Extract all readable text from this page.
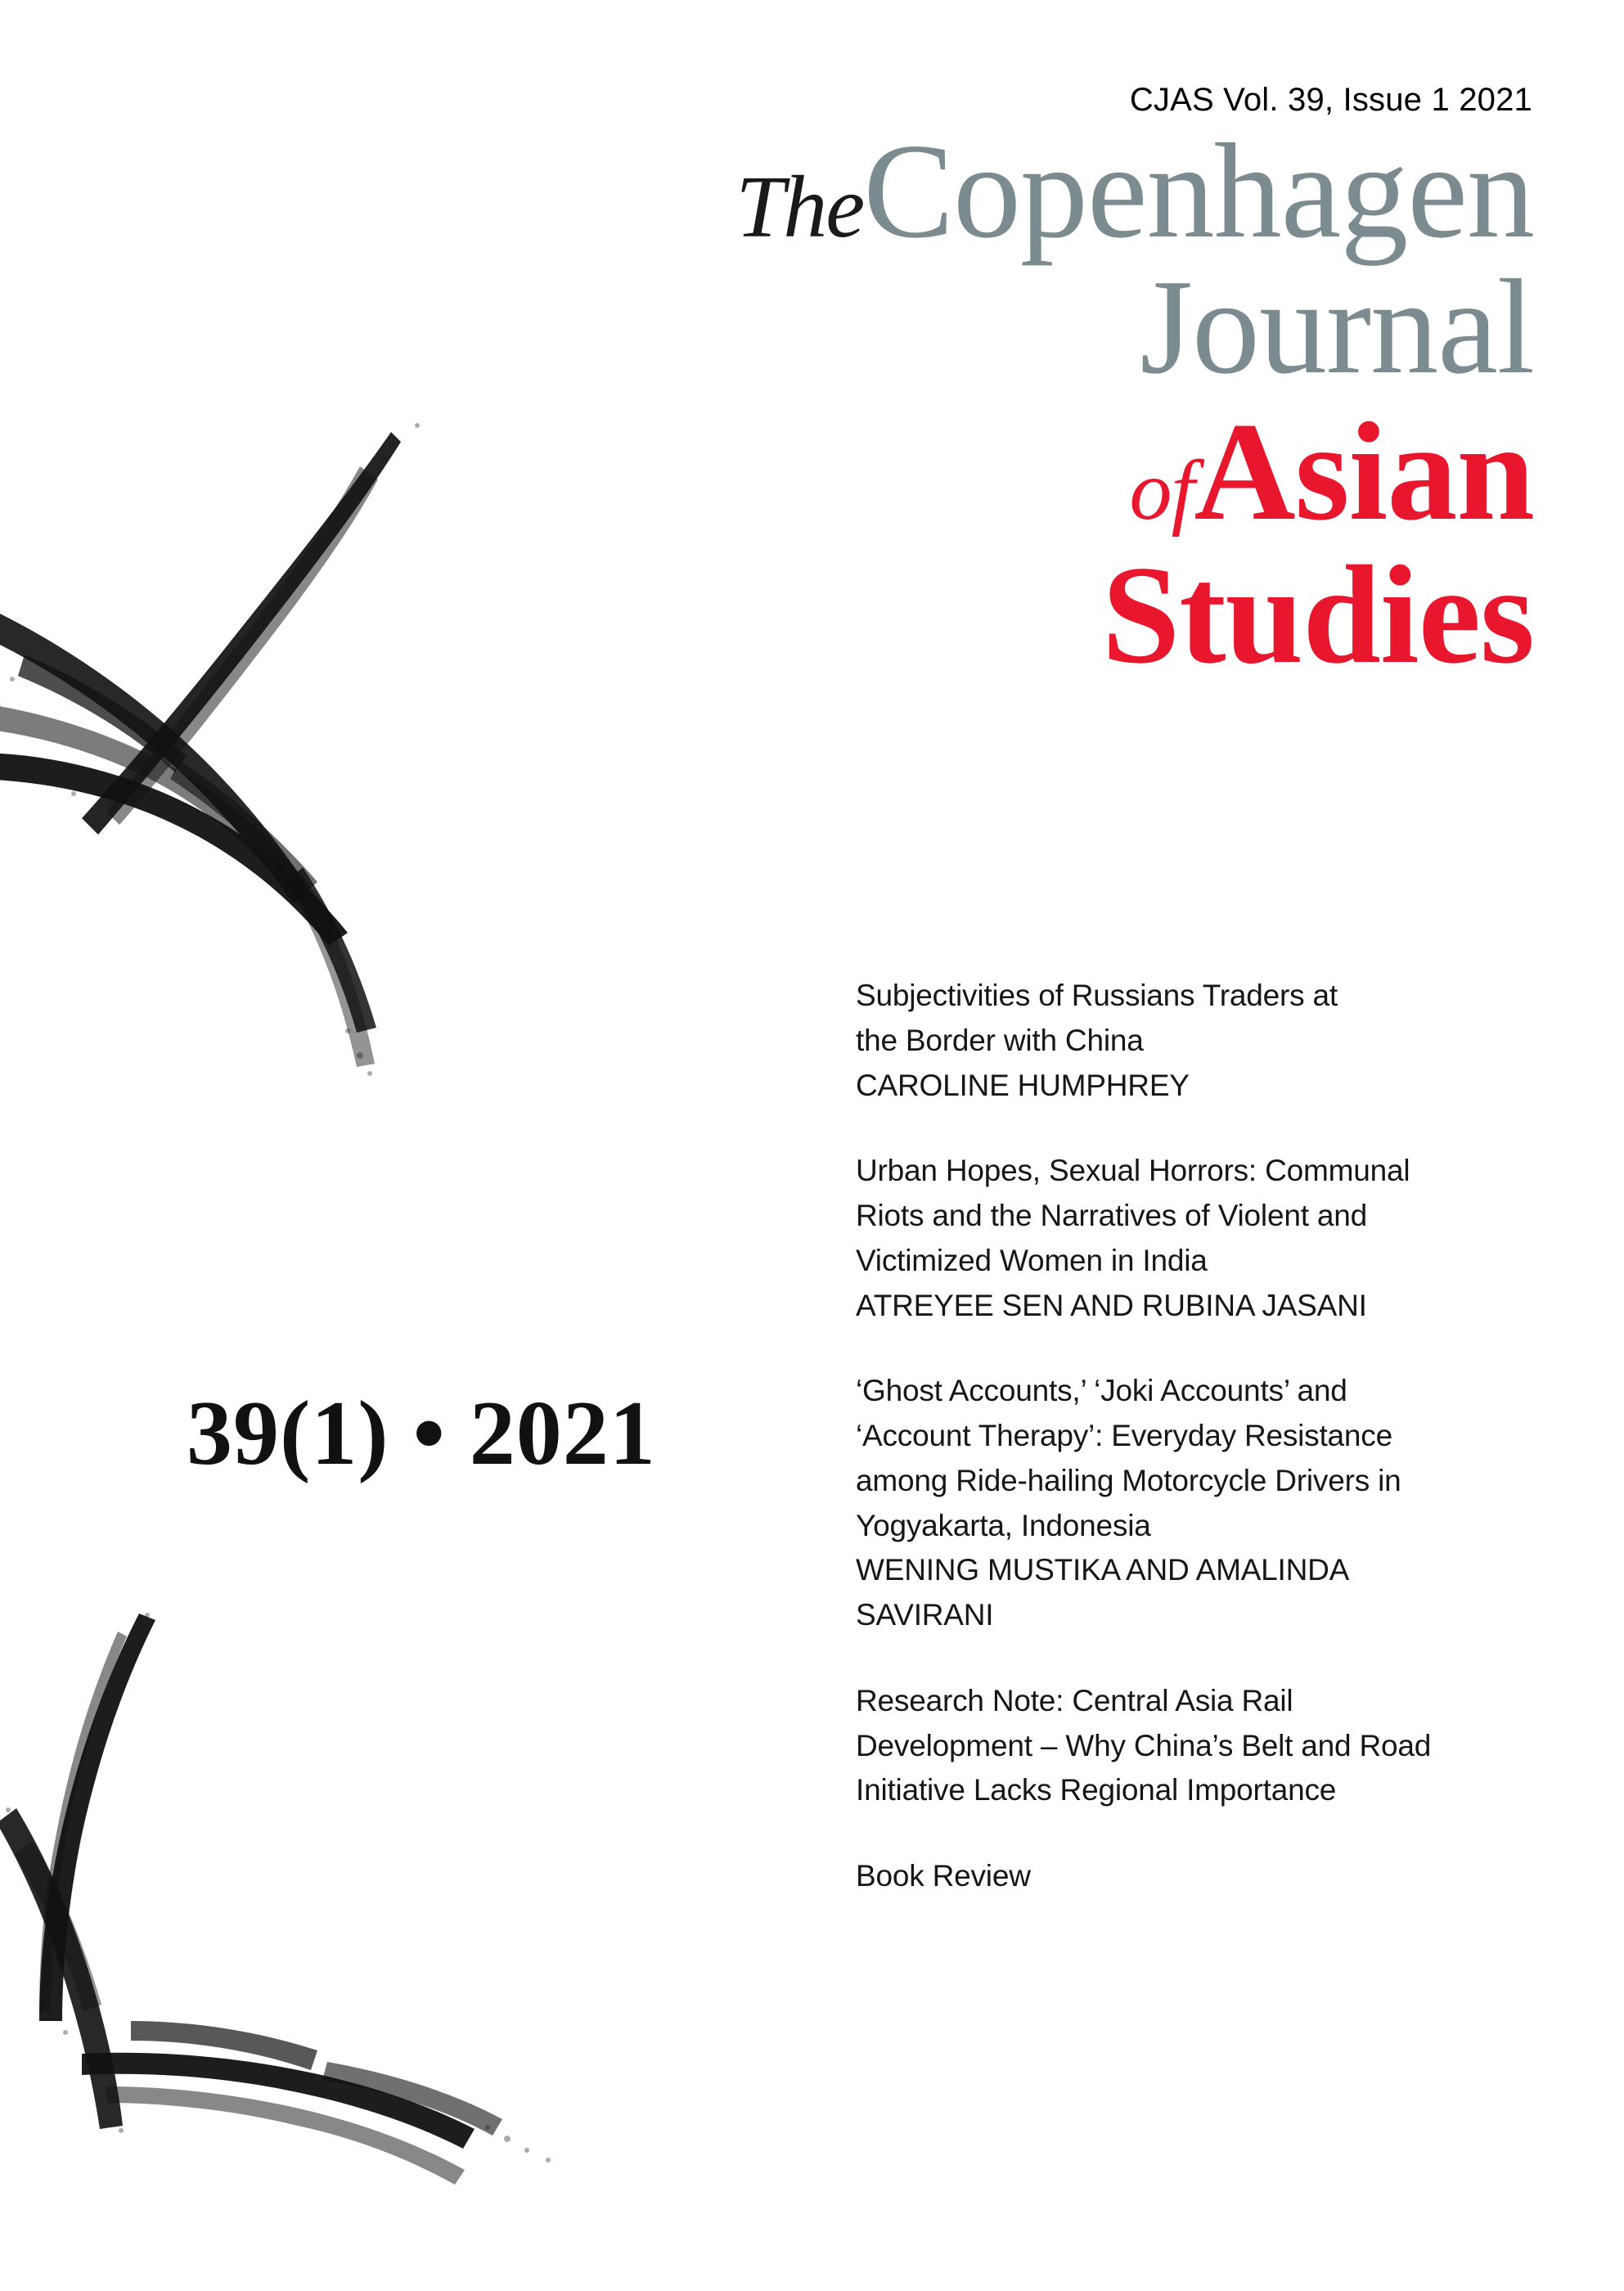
CJAS Vol. 39, Issue 1 2021
TheCopenhagen
Journal
ofAsian
Studies
39(1) • 2021
Subjectivities of Russians Traders at
the Border with China
CAROLINE HUMPHREY
Urban Hopes, Sexual Horrors: Communal
Riots and the Narratives of Violent and
Victimized Women in India
ATREYEE SEN AND RUBINA JASANI
‘Ghost Accounts,’ ‘Joki Accounts’ and
‘Account Therapy’: Everyday Resistance
among Ride-hailing Motorcycle Drivers in
Yogyakarta, Indonesia
WENING MUSTIKA AND AMALINDA
SAVIRANI
Research Note: Central Asia Rail
Development – Why China’s Belt and Road
Initiative Lacks Regional Importance
Book Review
